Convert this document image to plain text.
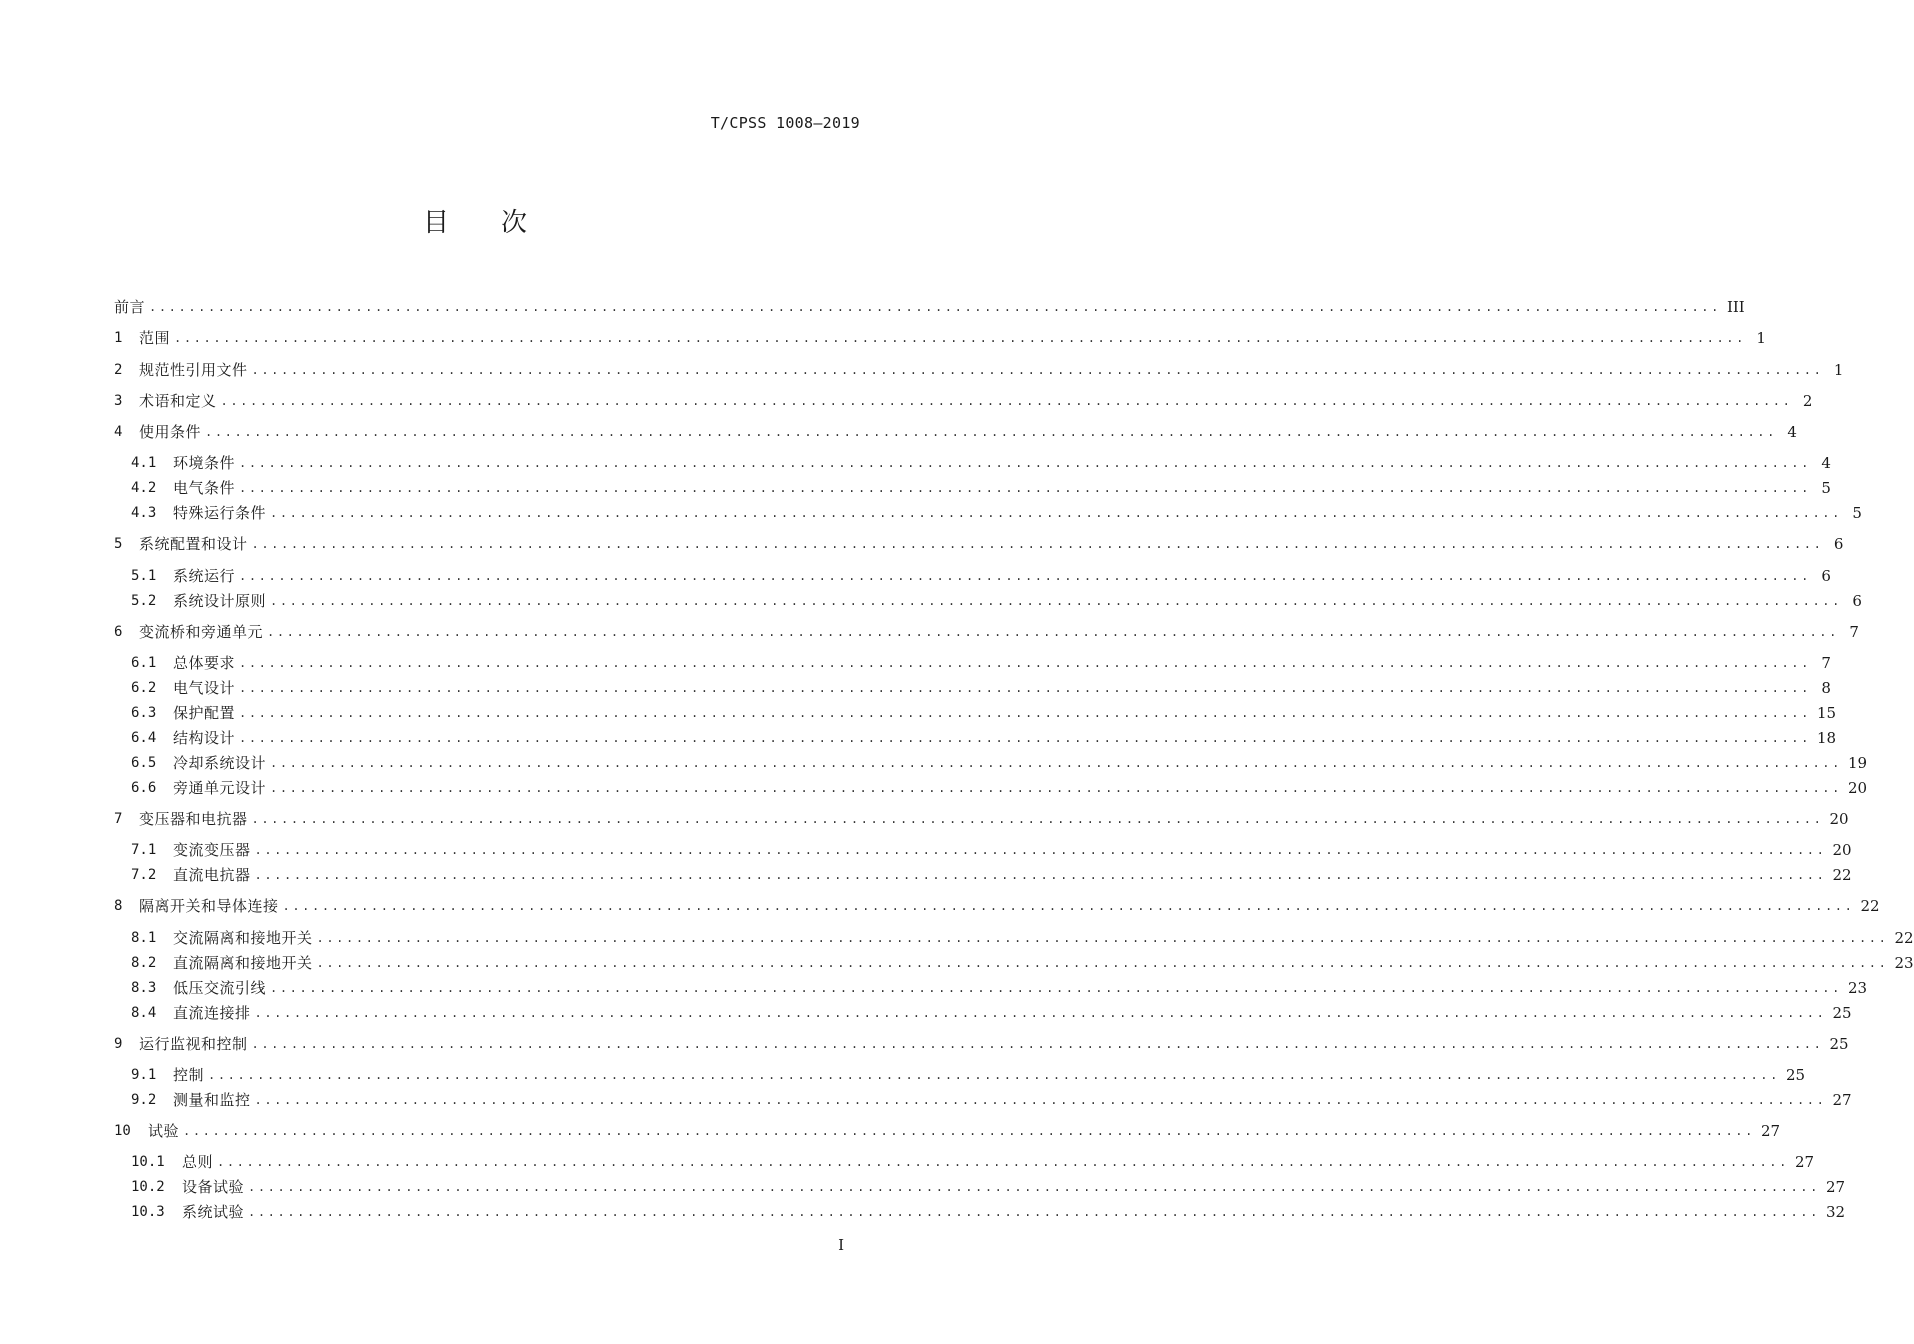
T/CPSS 1008—2019
目次
前言 ................................................................................................................................................................ III
1	范围 ................................................................................................................................................................ 1
2	规范性引用文件 ................................................................................................................................................................ 1
3	术语和定义 ................................................................................................................................................................ 2
4	使用条件 ................................................................................................................................................................ 4
4.1	环境条件 ................................................................................................................................................................ 4
4.2	电气条件 ................................................................................................................................................................ 5
4.3	特殊运行条件 ................................................................................................................................................................ 5
5	系统配置和设计 ................................................................................................................................................................ 6
5.1	系统运行 ................................................................................................................................................................ 6
5.2	系统设计原则 ................................................................................................................................................................ 6
6	变流桥和旁通单元 ................................................................................................................................................................ 7
6.1	总体要求 ................................................................................................................................................................ 7
6.2	电气设计 ................................................................................................................................................................ 8
6.3	保护配置 ................................................................................................................................................................ 15
6.4	结构设计 ................................................................................................................................................................ 18
6.5	冷却系统设计 ................................................................................................................................................................ 19
6.6	旁通单元设计 ................................................................................................................................................................ 20
7	变压器和电抗器 ................................................................................................................................................................ 20
7.1	变流变压器 ................................................................................................................................................................ 20
7.2	直流电抗器 ................................................................................................................................................................ 22
8	隔离开关和导体连接 ................................................................................................................................................................ 22
8.1	交流隔离和接地开关 ................................................................................................................................................................ 22
8.2	直流隔离和接地开关 ................................................................................................................................................................ 23
8.3	低压交流引线 ................................................................................................................................................................ 23
8.4	直流连接排 ................................................................................................................................................................ 25
9	运行监视和控制 ................................................................................................................................................................ 25
9.1	控制 ................................................................................................................................................................ 25
9.2	测量和监控 ................................................................................................................................................................ 27
10	试验 ................................................................................................................................................................ 27
10.1	总则 ................................................................................................................................................................ 27
10.2	设备试验 ................................................................................................................................................................ 27
10.3	系统试验 ................................................................................................................................................................ 32
I
